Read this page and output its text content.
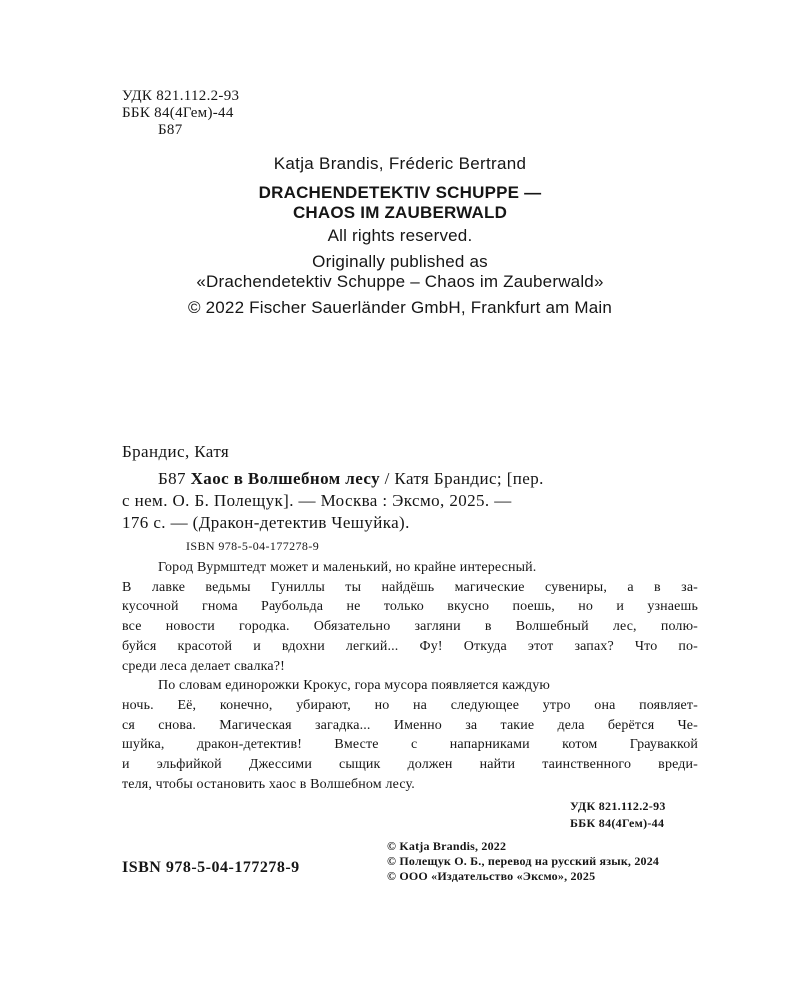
УДК 821.112.2-93
ББК 84(4Гем)-44
Б87
Katja Brandis, Fréderic Bertrand
DRACHENDETEKTIV SCHUPPE —
CHAOS IM ZAUBERWALD
All rights reserved.
Originally published as
«Drachendetektiv Schuppe – Chaos im Zauberwald»
© 2022 Fischer Sauerländer GmbH, Frankfurt am Main
Брандис, Катя
Б87 Хаос в Волшебном лесу / Катя Брандис; [пер.
с нем. О. Б. Полещук]. — Москва : Эксмо, 2025. —
176 с. — (Дракон-детектив Чешуйка).
ISBN 978-5-04-177278-9
Город Вурмштедт может и маленький, но крайне интересный.
В лавке ведьмы Гуниллы ты найдёшь магические сувениры, а в за-
кусочной гнома Раубольда не только вкусно поешь, но и узнаешь
все новости городка. Обязательно загляни в Волшебный лес, полю-
буйся красотой и вдохни легкий... Фу! Откуда этот запах? Что по-
среди леса делает свалка?!
По словам единорожки Крокус, гора мусора появляется каждую
ночь. Её, конечно, убирают, но на следующее утро она появляет-
ся снова. Магическая загадка... Именно за такие дела берётся Че-
шуйка, дракон-детектив! Вместе с напарниками котом Грауваккой
и эльфийкой Джессими сыщик должен найти таинственного вреди-
теля, чтобы остановить хаос в Волшебном лесу.
УДК 821.112.2-93
ББК 84(4Гем)-44
ISBN 978-5-04-177278-9
© Katja Brandis, 2022
© Полещук О. Б., перевод на русский язык, 2024
© ООО «Издательство «Эксмо», 2025
